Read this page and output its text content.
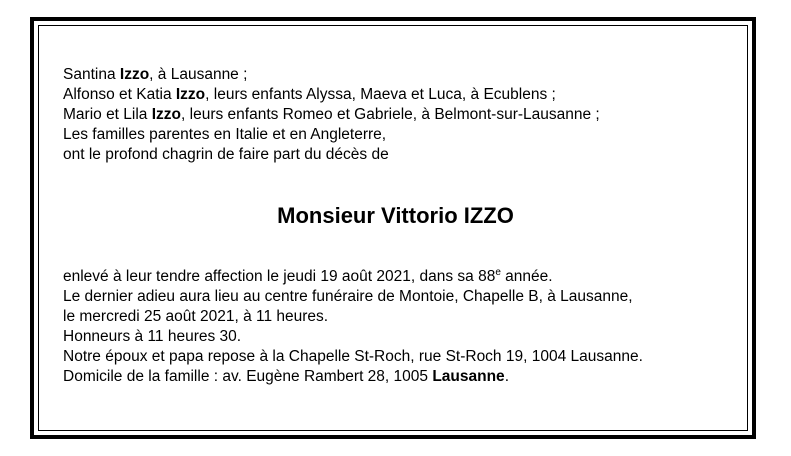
Santina Izzo, à Lausanne ;
Alfonso et Katia Izzo, leurs enfants Alyssa, Maeva et Luca, à Ecublens ;
Mario et Lila Izzo, leurs enfants Romeo et Gabriele, à Belmont-sur-Lausanne ;
Les familles parentes en Italie et en Angleterre,
ont le profond chagrin de faire part du décès de
Monsieur Vittorio IZZO
enlevé à leur tendre affection le jeudi 19 août 2021, dans sa 88e année.
Le dernier adieu aura lieu au centre funéraire de Montoie, Chapelle B, à Lausanne,
le mercredi 25 août 2021, à 11 heures.
Honneurs à 11 heures 30.
Notre époux et papa repose à la Chapelle St-Roch, rue St-Roch 19, 1004 Lausanne.
Domicile de la famille : av. Eugène Rambert 28, 1005 Lausanne.
